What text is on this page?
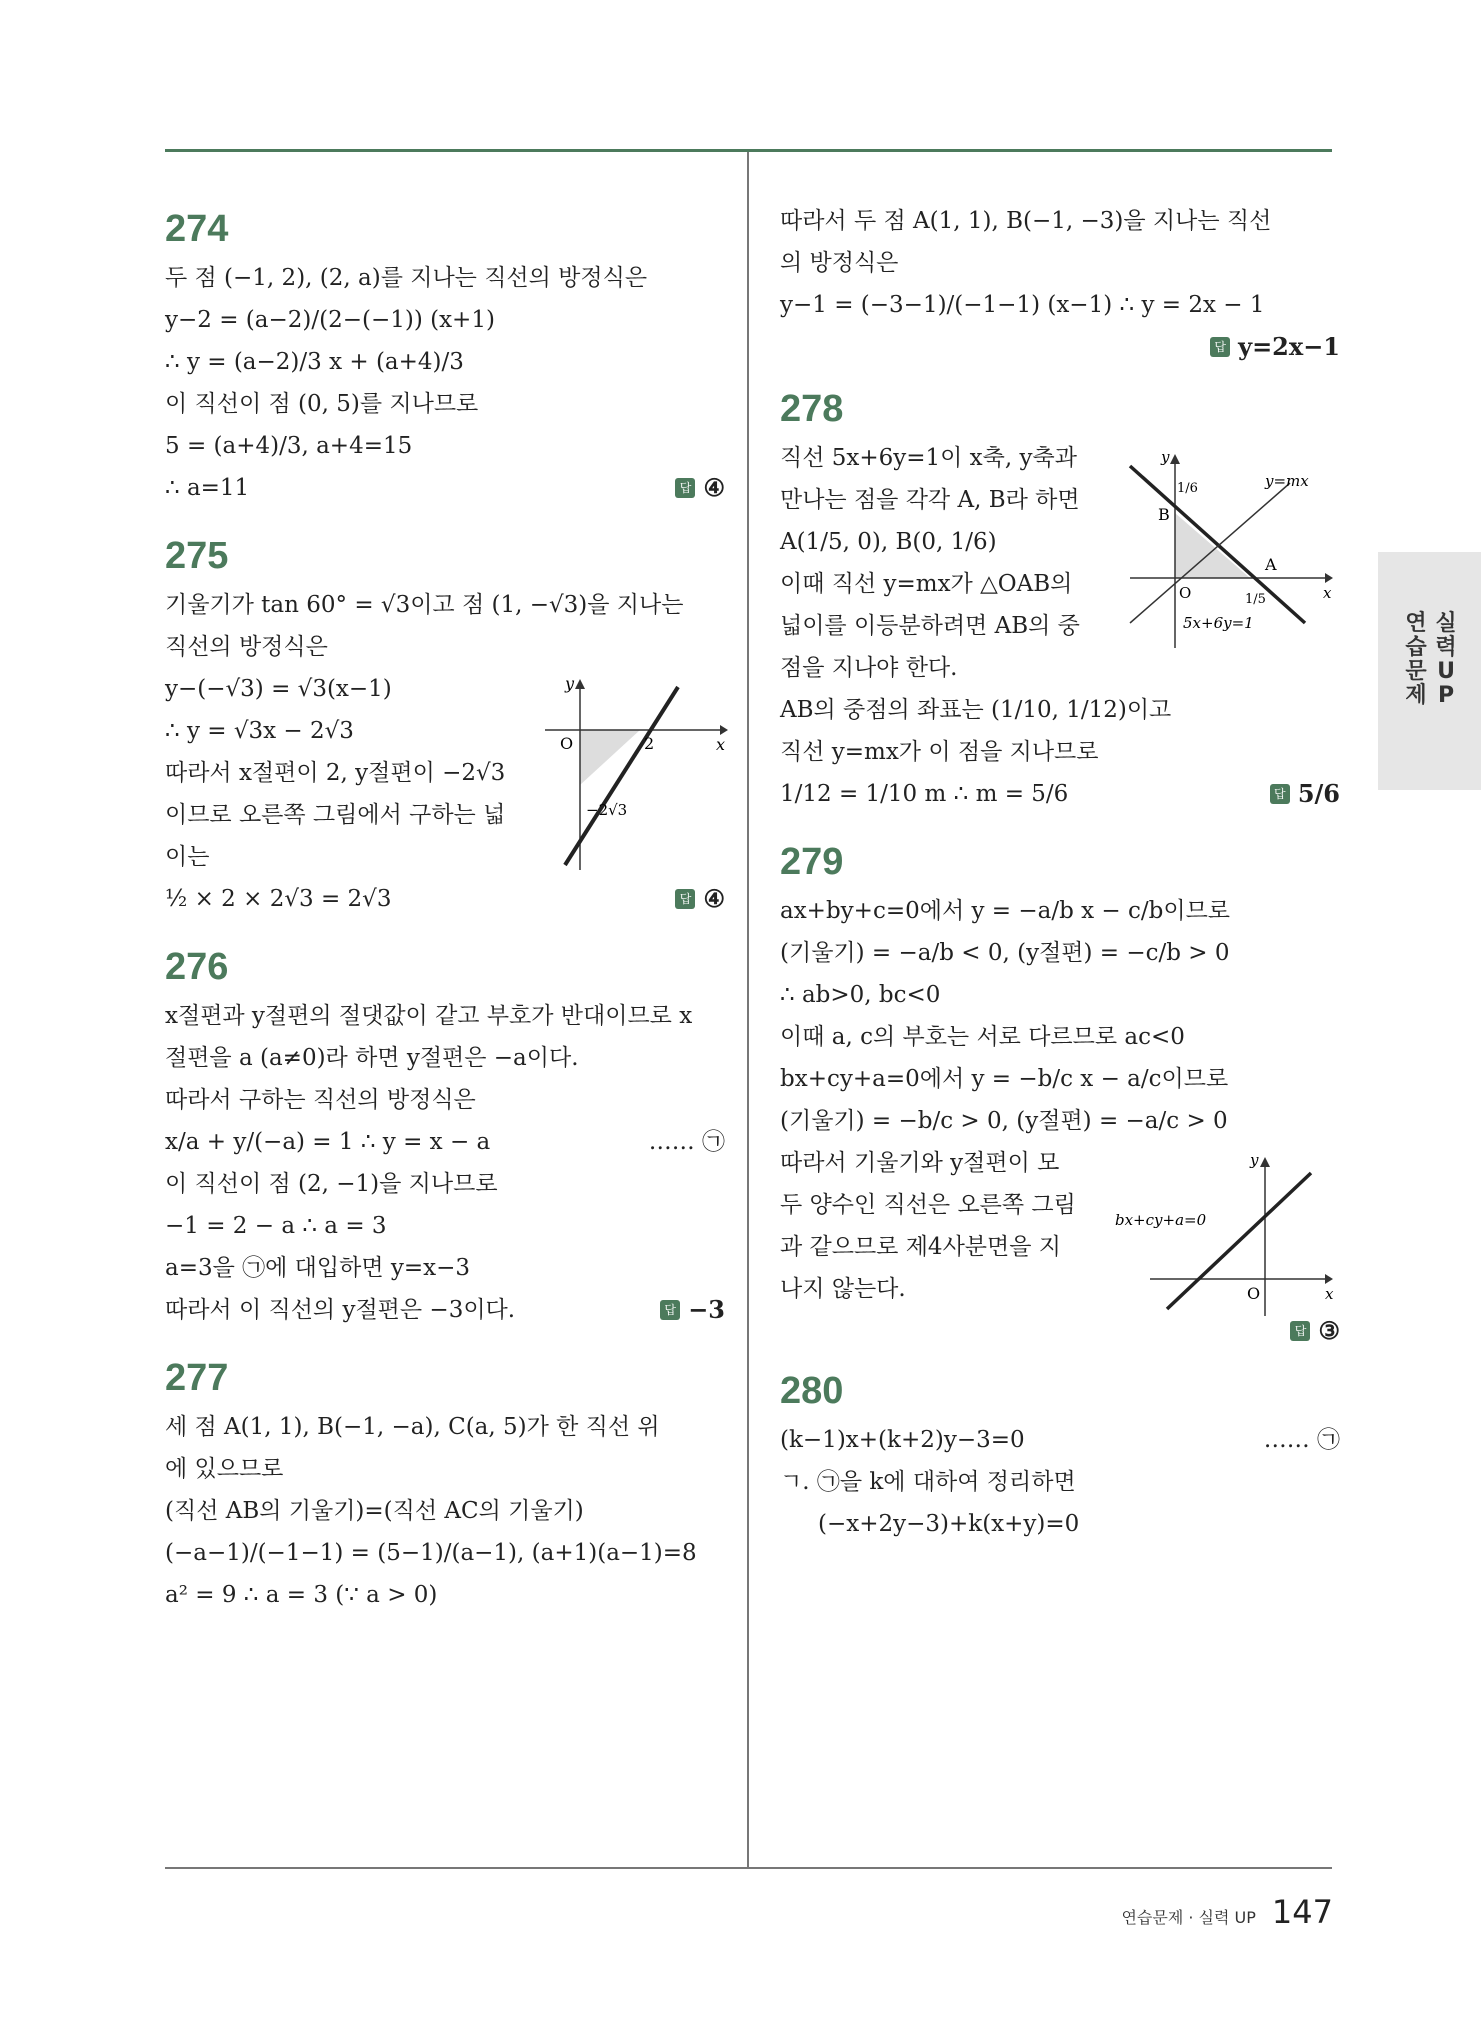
274
두 점 (−1, 2), (2, a)를 지나는 직선의 방정식은
y−2 = (a−2)/(2−(−1)) (x+1)
∴ y = (a−2)/3 x + (a+4)/3
이 직선이 점 (0, 5)를 지나므로
5 = (a+4)/3, a+4=15
∴ a=11	답 ④
275
기울기가 tan 60° = √3이고 점 (1, −√3)을 지나는
직선의 방정식은
y−(−√3) = √3(x−1)
∴ y = √3x − 2√3
따라서 x절편이 2, y절편이 −2√3
이므로 오른쪽 그림에서 구하는 넓
이는
½ × 2 × 2√3 = 2√3	답 ④
y
x
O	2
−2√3
276
x절편과 y절편의 절댓값이 같고 부호가 반대이므로 x
절편을 a (a≠0)라 하면 y절편은 −a이다.
따라서 구하는 직선의 방정식은
x/a + y/(−a) = 1 ∴ y = x − a	…… ㉠
이 직선이 점 (2, −1)을 지나므로
−1 = 2 − a ∴ a = 3
a=3을 ㉠에 대입하면 y=x−3
따라서 이 직선의 y절편은 −3이다.	답 −3
277
세 점 A(1, 1), B(−1, −a), C(a, 5)가 한 직선 위
에 있으므로
(직선 AB의 기울기)=(직선 AC의 기울기)
(−a−1)/(−1−1) = (5−1)/(a−1), (a+1)(a−1)=8
a² = 9 ∴ a = 3 (∵ a > 0)
따라서 두 점 A(1, 1), B(−1, −3)을 지나는 직선
의 방정식은
y−1 = (−3−1)/(−1−1) (x−1) ∴ y = 2x − 1
답 y=2x−1
278
직선 5x+6y=1이 x축, y축과
만나는 점을 각각 A, B라 하면
A(1/5, 0), B(0, 1/6)
이때 직선 y=mx가 △OAB의
넓이를 이등분하려면 AB의 중
점을 지나야 한다.
AB의 중점의 좌표는 (1/10, 1/12)이고
직선 y=mx가 이 점을 지나므로
1/12 = 1/10 m ∴ m = 5/6	답 5/6
y
x
O
B
A
1/6
1/5
y=mx
5x+6y=1
279
ax+by+c=0에서 y = −a/b x − c/b이므로
(기울기) = −a/b < 0, (y절편) = −c/b > 0
∴ ab>0, bc<0
이때 a, c의 부호는 서로 다르므로 ac<0
bx+cy+a=0에서 y = −b/c x − a/c이므로
(기울기) = −b/c > 0, (y절편) = −a/c > 0
따라서 기울기와 y절편이 모
두 양수인 직선은 오른쪽 그림
과 같으므로 제4사분면을 지
나지 않는다.
답 ③
y
x
O
bx+cy+a=0
280
(k−1)x+(k+2)y−3=0	…… ㉠
ㄱ. ㉠을 k에 대하여 정리하면
(−x+2y−3)+k(x+y)=0
실력UP
연습문제
연습문제 · 실력 UP 147
